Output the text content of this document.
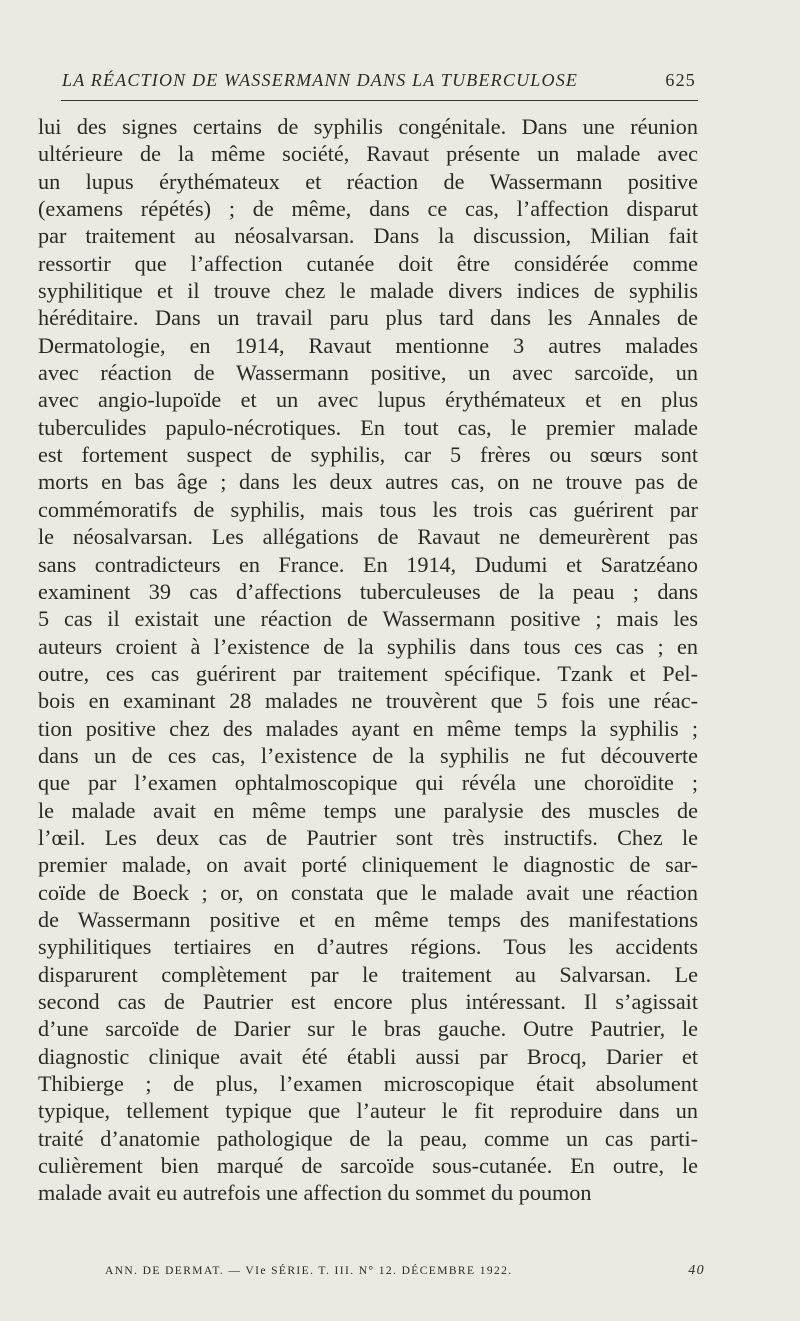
LA RÉACTION DE WASSERMANN DANS LA TUBERCULOSE	625
lui des signes certains de syphilis congénitale. Dans une réunion
ultérieure de la même société, Ravaut présente un malade avec
un lupus érythémateux et réaction de Wassermann positive
(examens répétés) ; de même, dans ce cas, l’affection disparut
par traitement au néosalvarsan. Dans la discussion, Milian fait
ressortir que l’affection cutanée doit être considérée comme
syphilitique et il trouve chez le malade divers indices de syphilis
héréditaire. Dans un travail paru plus tard dans les Annales de
Dermatologie, en 1914, Ravaut mentionne 3 autres malades
avec réaction de Wassermann positive, un avec sarcoïde, un
avec angio-lupoïde et un avec lupus érythémateux et en plus
tuberculides papulo-nécrotiques. En tout cas, le premier malade
est fortement suspect de syphilis, car 5 frères ou sœurs sont
morts en bas âge ; dans les deux autres cas, on ne trouve pas de
commémoratifs de syphilis, mais tous les trois cas guérirent par
le néosalvarsan. Les allégations de Ravaut ne demeurèrent pas
sans contradicteurs en France. En 1914, Dudumi et Saratzéano
examinent 39 cas d’affections tuberculeuses de la peau ; dans
5 cas il existait une réaction de Wassermann positive ; mais les
auteurs croient à l’existence de la syphilis dans tous ces cas ; en
outre, ces cas guérirent par traitement spécifique. Tzank et Pel-
bois en examinant 28 malades ne trouvèrent que 5 fois une réac-
tion positive chez des malades ayant en même temps la syphilis ;
dans un de ces cas, l’existence de la syphilis ne fut découverte
que par l’examen ophtalmoscopique qui révéla une choroïdite ;
le malade avait en même temps une paralysie des muscles de
l’œil. Les deux cas de Pautrier sont très instructifs. Chez le
premier malade, on avait porté cliniquement le diagnostic de sar-
coïde de Boeck ; or, on constata que le malade avait une réaction
de Wassermann positive et en même temps des manifestations
syphilitiques tertiaires en d’autres régions. Tous les accidents
disparurent complètement par le traitement au Salvarsan. Le
second cas de Pautrier est encore plus intéressant. Il s’agissait
d’une sarcoïde de Darier sur le bras gauche. Outre Pautrier, le
diagnostic clinique avait été établi aussi par Brocq, Darier et
Thibierge ; de plus, l’examen microscopique était absolument
typique, tellement typique que l’auteur le fit reproduire dans un
traité d’anatomie pathologique de la peau, comme un cas parti-
culièrement bien marqué de sarcoïde sous-cutanée. En outre, le
malade avait eu autrefois une affection du sommet du poumon
ANN. DE DERMAT. — VIe SÉRIE. T. III. N° 12. DÉCEMBRE 1922.	40
